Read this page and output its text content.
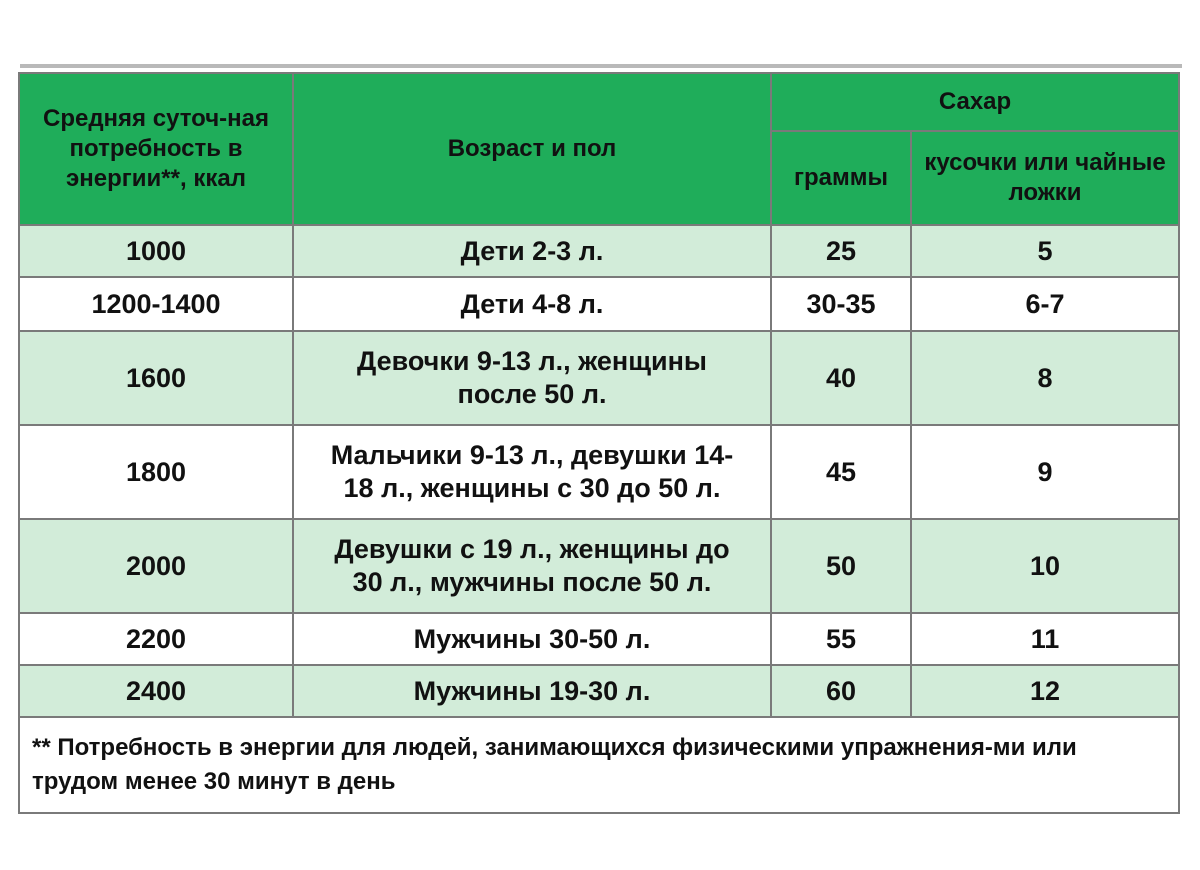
Средняя суточ-ная потребность в энергии**, ккал	Возраст и пол	Сахар	
		граммы	кусочки или чайные ложки
1000	Дети 2-3 л.	25	5
1200-1400	Дети 4-8 л.	30-35	6-7
1600	Девочки 9-13 л., женщины после 50 л.	40	8
1800	Мальчики 9-13 л., девушки 14-18 л., женщины с 30 до 50 л.	45	9
2000	Девушки с 19 л., женщины до 30 л., мужчины после 50 л.	50	10
2200	Мужчины 30-50 л.	55	11
2400	Мужчины 19-30 л.	60	12
** Потребность в энергии для людей, занимающихся физическими упражнения-ми или трудом менее 30 минут в день			
